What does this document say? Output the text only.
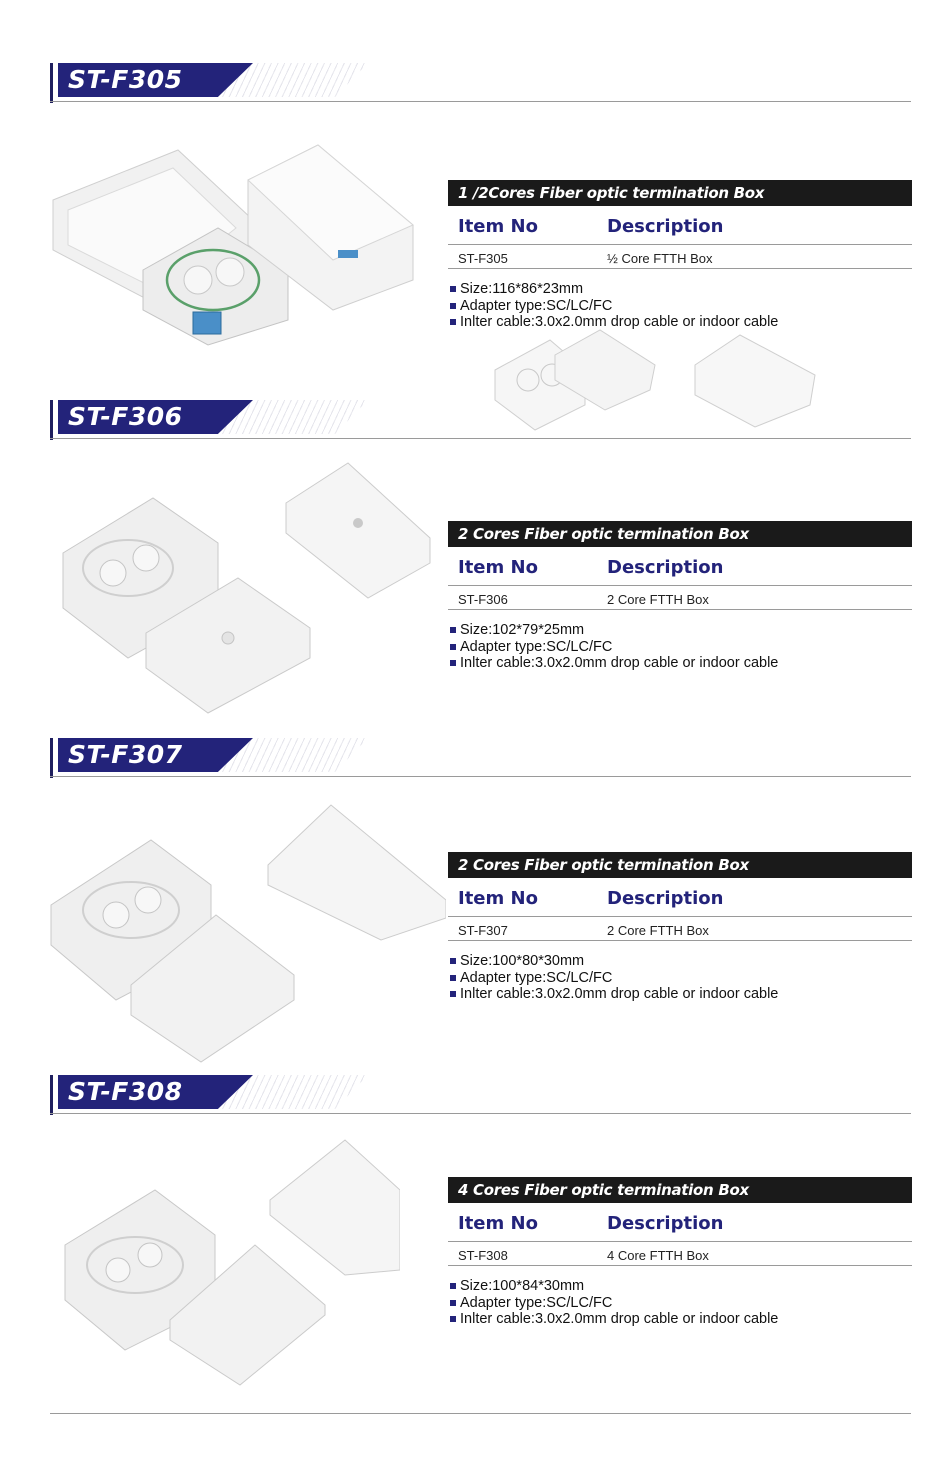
ST-F305
1 /2Cores Fiber optic termination Box
Item No	Description
ST-F305	½ Core FTTH Box
Size:116*86*23mm
Adapter type:SC/LC/FC
Inlter cable:3.0x2.0mm drop cable or indoor cable
ST-F306
2 Cores Fiber optic termination Box
Item No	Description
ST-F306	2 Core FTTH Box
Size:102*79*25mm
Adapter type:SC/LC/FC
Inlter cable:3.0x2.0mm drop cable or indoor cable
ST-F307
2 Cores Fiber optic termination Box
Item No	Description
ST-F307	2 Core FTTH Box
Size:100*80*30mm
Adapter type:SC/LC/FC
Inlter cable:3.0x2.0mm drop cable or indoor cable
ST-F308
4 Cores Fiber optic termination Box
Item No	Description
ST-F308	4 Core FTTH Box
Size:100*84*30mm
Adapter type:SC/LC/FC
Inlter cable:3.0x2.0mm drop cable or indoor cable
